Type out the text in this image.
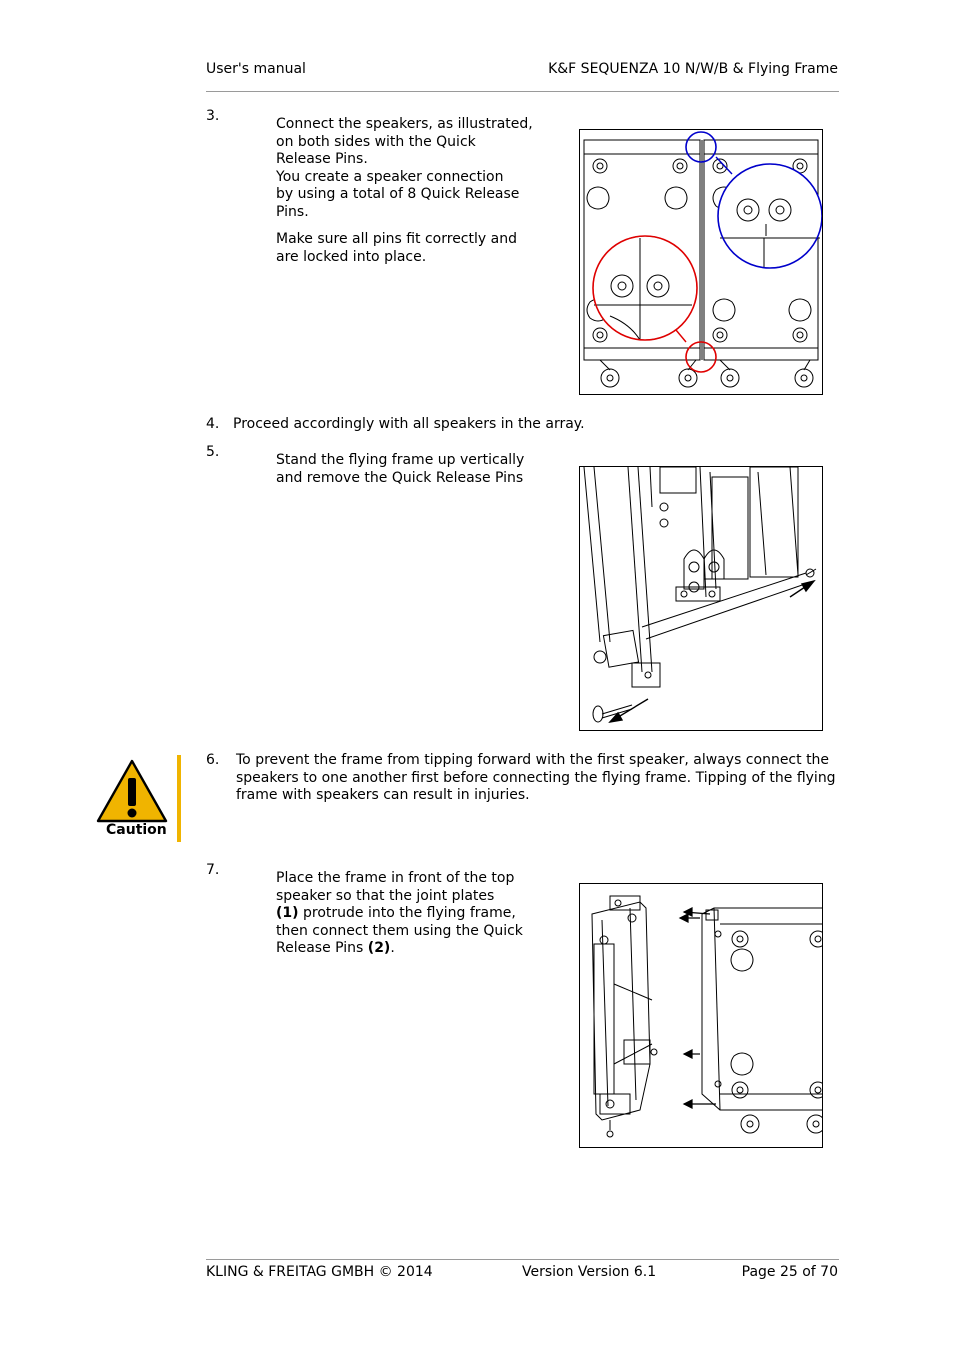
User's manual	K&F SEQUENZA 10 N/W/B & Flying Frame
3.	Connect the speakers, as illustrated,
on both sides with the Quick
Release Pins.
You create a speaker connection
by using a total of 8 Quick Release
Pins.
Make sure all pins fit correctly and
are locked into place.
4. Proceed accordingly with all speakers in the array.
5.	Stand the flying frame up vertically
and remove the Quick Release Pins
Caution
6. To prevent the frame from tipping forward with the first speaker, always connect the
speakers to one another first before connecting the flying frame. Tipping of the flying
frame with speakers can result in injuries.
7.	Place the frame in front of the top
speaker so that the joint plates
(1) protrude into the flying frame,
then connect them using the Quick
Release Pins (2).
KLING & FREITAG GMBH © 2014	Version Version 6.1	Page 25 of 70
